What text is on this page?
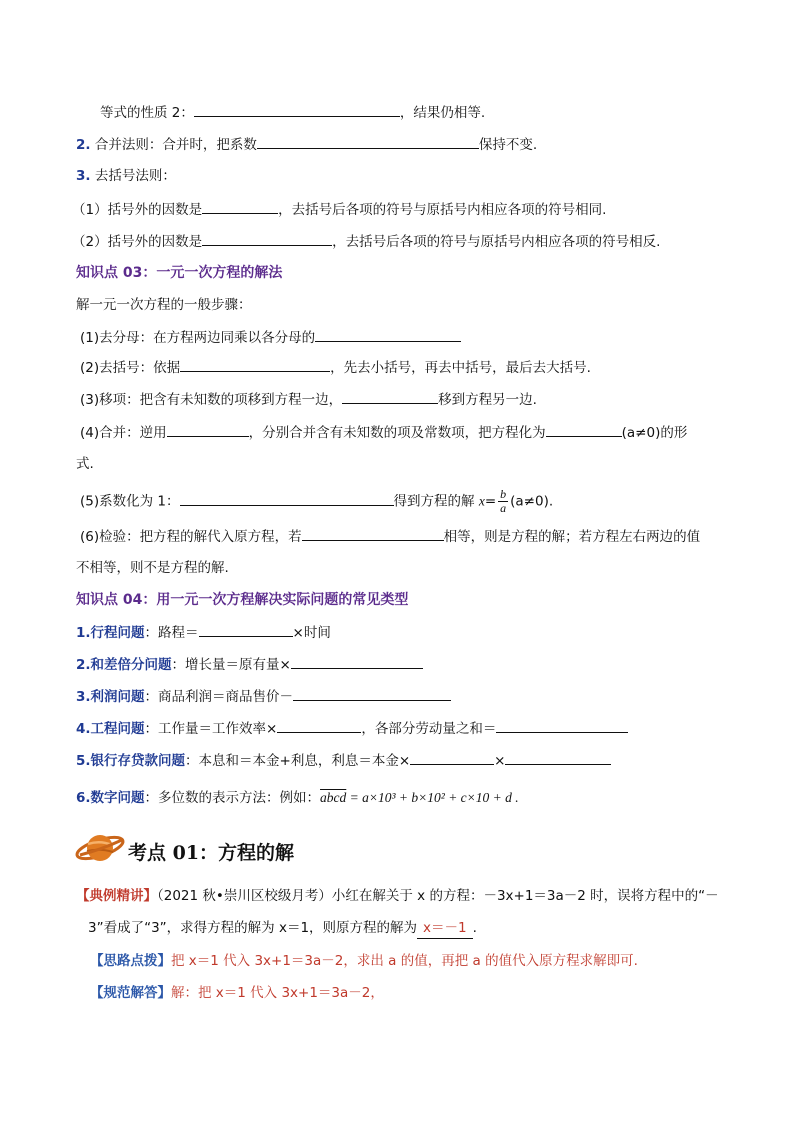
等式的性质 2：	，结果仍相等.
2. 合并法则：合并时，把系数	保持不变.
3. 去括号法则：
（1）括号外的因数是	，去括号后各项的符号与原括号内相应各项的符号相同.
（2）括号外的因数是	，去括号后各项的符号与原括号内相应各项的符号相反.
知识点 03：一元一次方程的解法
解一元一次方程的一般步骤：
(1)去分母：在方程两边同乘以各分母的
(2)去括号：依据	，先去小括号，再去中括号，最后去大括号.
(3)移项：把含有未知数的项移到方程一边，	移到方程另一边.
(4)合并：逆用	，分别合并含有未知数的项及常数项，把方程化为	(a≠0)的形
式.
(5)系数化为 1：	得到方程的解 $x= \frac{b}{a} (a\ne 0)$.
(6)检验：把方程的解代入原方程，若	相等，则是方程的解；若方程左右两边的值
不相等，则不是方程的解.
知识点 04：用一元一次方程解决实际问题的常见类型
1.行程问题：路程＝	×时间
2.和差倍分问题：增长量＝原有量×
3.利润问题：商品利润＝商品售价－
4.工程问题：工作量＝工作效率×	，各部分劳动量之和＝
5.银行存贷款问题：本息和＝本金+利息，利息＝本金×	×
6.数字问题：多位数的表示方法：例如：abcd = a×10³ + b×10² + c×10 + d .
考点 01：方程的解
【典例精讲】（2021 秋•崇川区校级月考）小红在解关于 x 的方程：－3x+1＝3a－2 时，误将方程中的“－
3”看成了“3”，求得方程的解为 x＝1，则原方程的解为 x＝－1 .
【思路点拨】把 x＝1 代入 3x+1＝3a－2，求出 a 的值，再把 a 的值代入原方程求解即可.
【规范解答】解：把 x＝1 代入 3x+1＝3a－2，
